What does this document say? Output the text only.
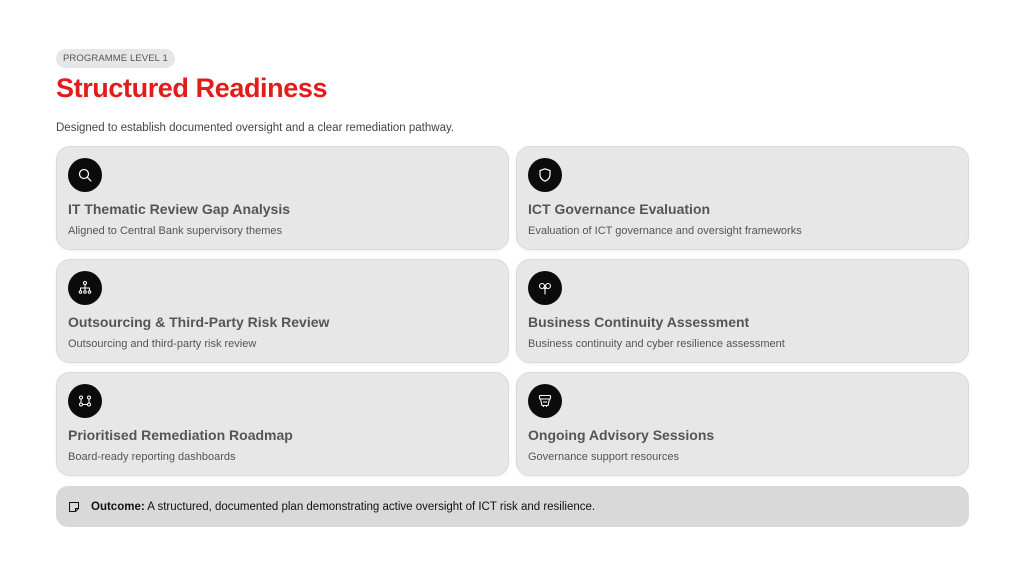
PROGRAMME LEVEL 1
Structured Readiness
Designed to establish documented oversight and a clear remediation pathway.
IT Thematic Review Gap Analysis
Aligned to Central Bank supervisory themes
ICT Governance Evaluation
Evaluation of ICT governance and oversight frameworks
Outsourcing & Third-Party Risk Review
Outsourcing and third-party risk review
Business Continuity Assessment
Business continuity and cyber resilience assessment
Prioritised Remediation Roadmap
Board-ready reporting dashboards
Ongoing Advisory Sessions
Governance support resources
Outcome: A structured, documented plan demonstrating active oversight of ICT risk and resilience.
